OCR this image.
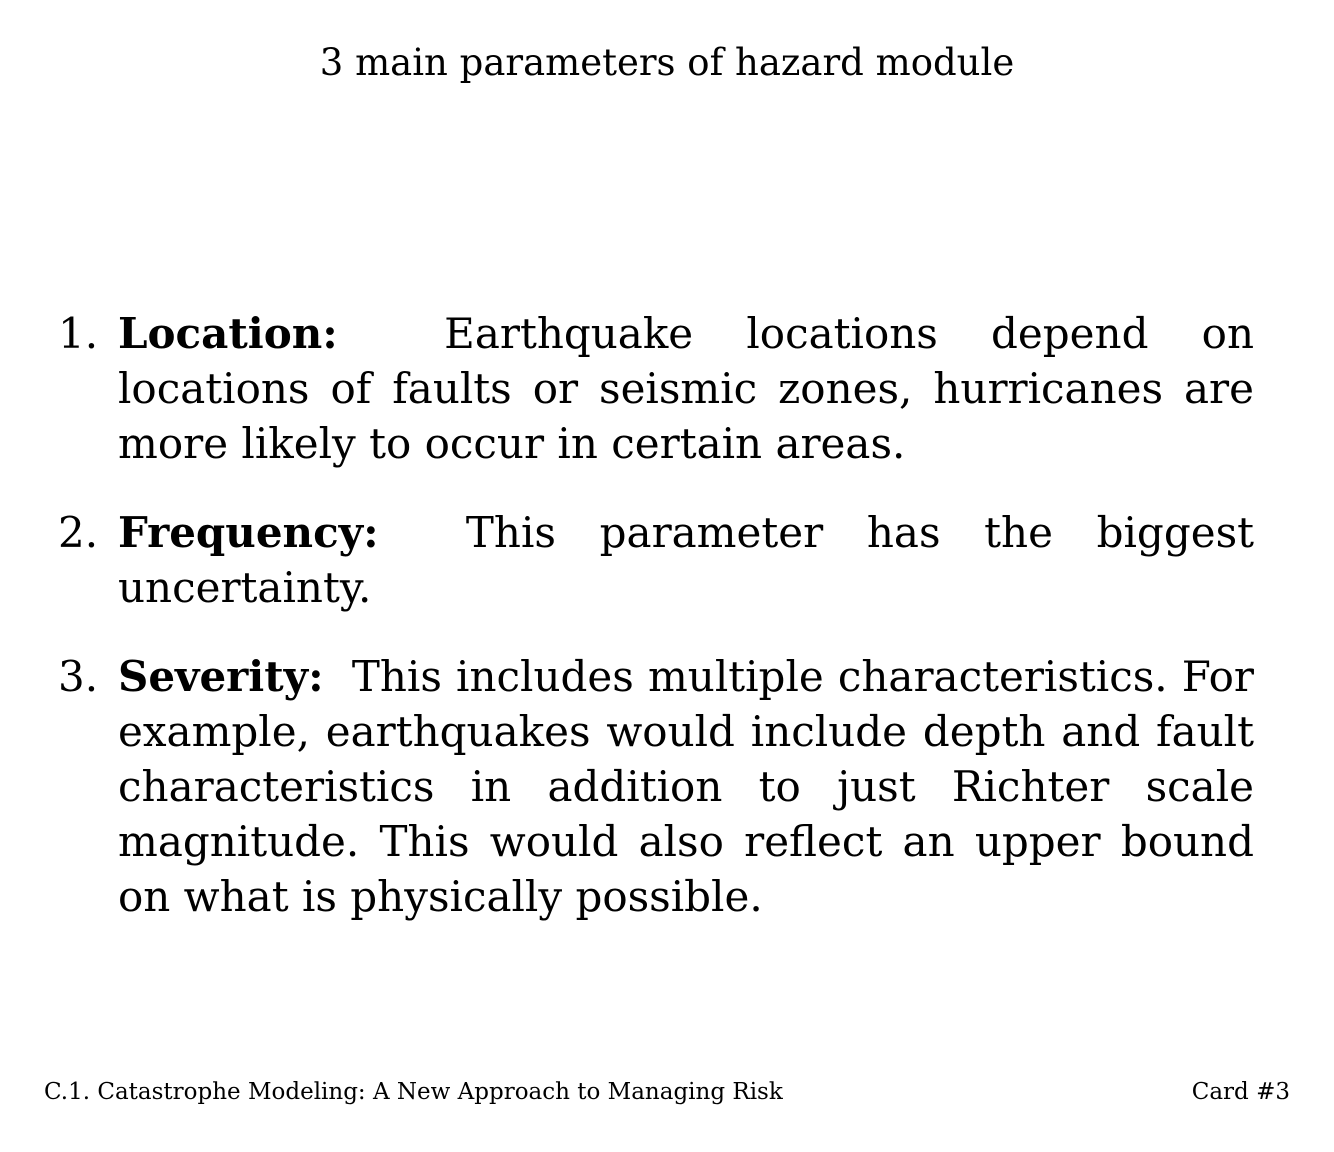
3 main parameters of hazard module
1. Location:	Earthquake locations depend on locations of faults or seismic zones, hurricanes are more likely to occur in certain areas.
2. Frequency: This parameter has the biggest uncertainty.
3. Severity: This includes multiple characteristics. For example, earthquakes would include depth and fault characteristics in addition to just Richter scale magnitude. This would also reflect an upper bound on what is physically possible.
C.1. Catastrophe Modeling: A New Approach to Managing Risk	Card #3
